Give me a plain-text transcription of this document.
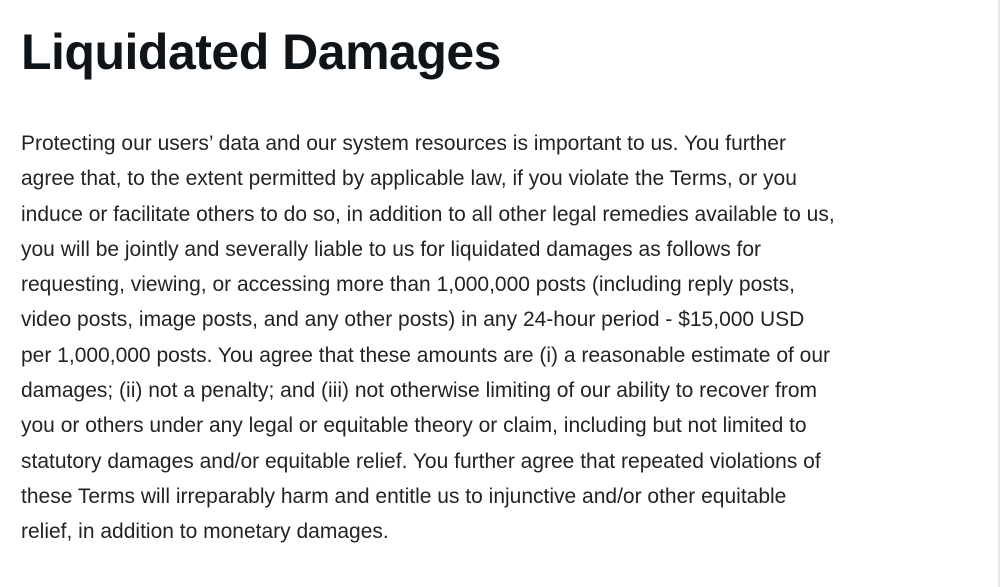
Liquidated Damages

Protecting our users’ data and our system resources is important to us. You further
agree that, to the extent permitted by applicable law, if you violate the Terms, or you
induce or facilitate others to do so, in addition to all other legal remedies available to us,
you will be jointly and severally liable to us for liquidated damages as follows for
requesting, viewing, or accessing more than 1,000,000 posts (including reply posts,
video posts, image posts, and any other posts) in any 24-hour period - $15,000 USD
per 1,000,000 posts. You agree that these amounts are (i) a reasonable estimate of our
damages; (ii) not a penalty; and (iii) not otherwise limiting of our ability to recover from
you or others under any legal or equitable theory or claim, including but not limited to
statutory damages and/or equitable relief. You further agree that repeated violations of
these Terms will irreparably harm and entitle us to injunctive and/or other equitable
relief, in addition to monetary damages.
